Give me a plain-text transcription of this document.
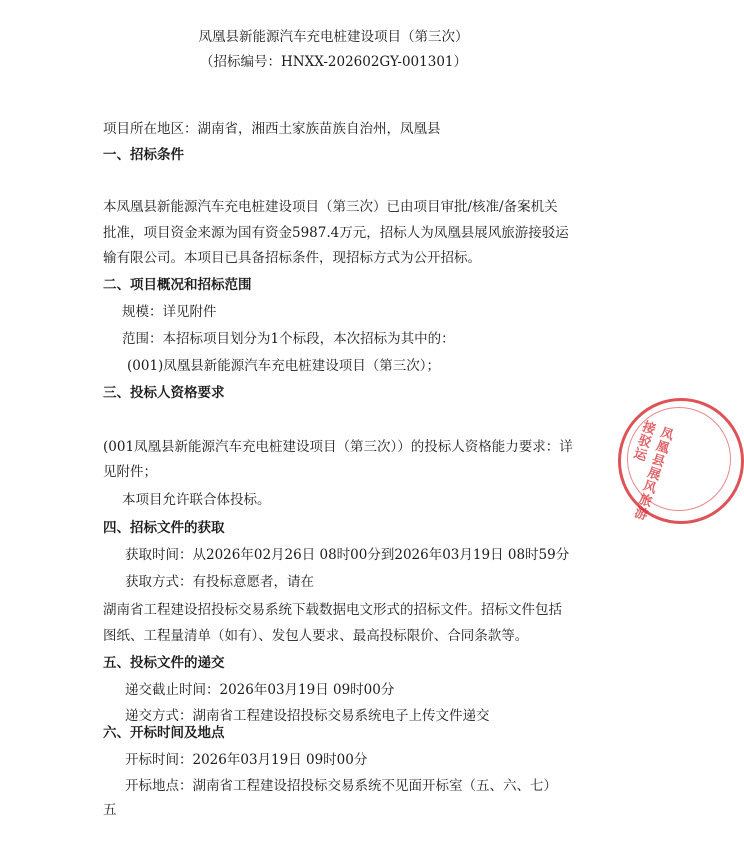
凤凰县新能源汽车充电桩建设项目（第三次）

（招标编号：HNXX-202602GY-001301）

项目所在地区：湖南省，湘西土家族苗族自治州，凤凰县

一、招标条件

本凤凰县新能源汽车充电桩建设项目（第三次）已由项目审批/核准/备案机关

批准，项目资金来源为国有资金5987.4万元，招标人为凤凰县展风旅游接驳运

输有限公司。本项目已具备招标条件，现招标方式为公开招标。

二、项目概况和招标范围

规模：详见附件

范围：本招标项目划分为1个标段，本次招标为其中的：

(001)凤凰县新能源汽车充电桩建设项目（第三次）；

三、投标人资格要求

(001凤凰县新能源汽车充电桩建设项目（第三次））的投标人资格能力要求：详

见附件；

本项目允许联合体投标。

四、招标文件的获取

获取时间：从2026年02月26日 08时00分到2026年03月19日 08时59分

获取方式：有投标意愿者，请在

湖南省工程建设招投标交易系统下载数据电文形式的招标文件。招标文件包括

图纸、工程量清单（如有）、发包人要求、最高投标限价、合同条款等。

五、投标文件的递交

递交截止时间：2026年03月19日 09时00分

递交方式：湖南省工程建设招投标交易系统电子上传文件递交

六、开标时间及地点

开标时间：2026年03月19日 09时00分

开标地点：湖南省工程建设招投标交易系统不见面开标室（五、六、七）

五

凤凰县展风旅游接驳运
